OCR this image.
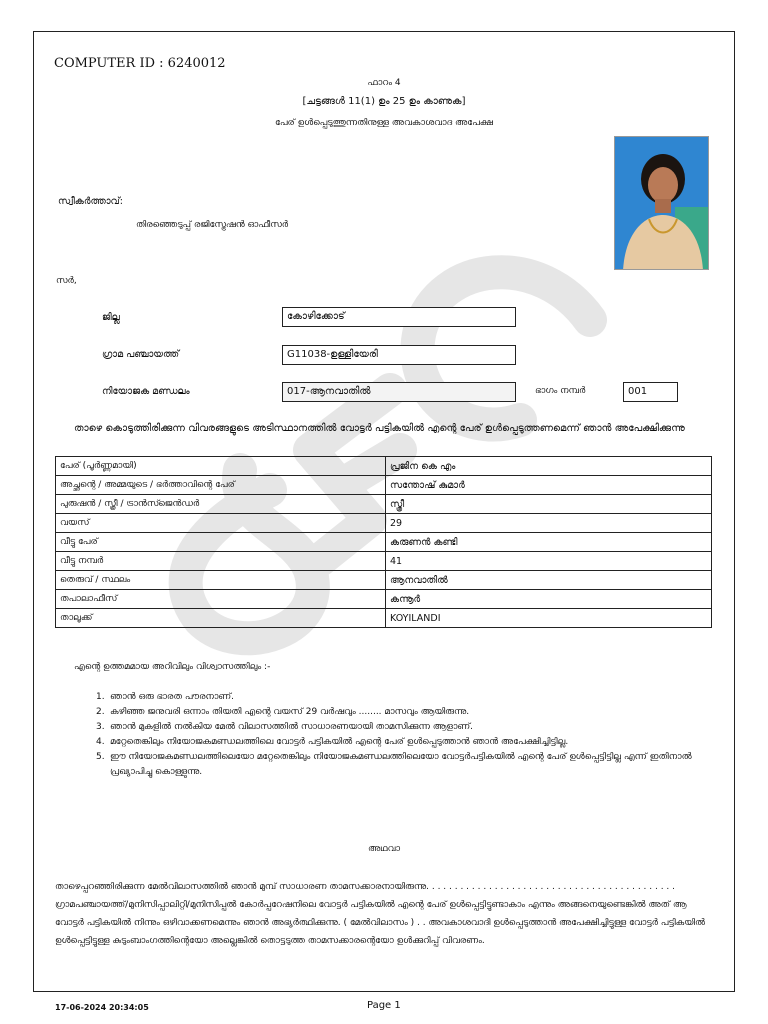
COMPUTER ID : 6240012
ഫാറം 4
[ചട്ടങ്ങൾ 11(1) ഉം 25 ഉം കാണുക]
പേര് ഉൾപ്പെടുത്തുന്നതിനുള്ള അവകാശവാദ അപേക്ഷ
സ്വീകർത്താവ്:
തിരഞ്ഞെടുപ്പ് രജിസ്ട്രേഷൻ ഓഫീസർ
സർ,
ജില്ല	കോഴിക്കോട്
ഗ്രാമ പഞ്ചായത്ത്	G11038-ഉള്ളിയേരി
നിയോജക മണ്ഡലം	017-ആനവാതിൽ	ഭാഗം നമ്പർ	001
താഴെ കൊടുത്തിരിക്കുന്ന വിവരങ്ങളുടെ അടിസ്ഥാനത്തിൽ വോട്ടർ പട്ടികയിൽ എന്റെ പേര് ഉൾപ്പെടുത്തണമെന്ന് ഞാൻ അപേക്ഷിക്കുന്നു
പേര് (പൂർണ്ണമായി)	പ്രജിന കെ എം
അച്ഛന്റെ / അമ്മയുടെ / ഭർത്താവിന്റെ പേര്	സന്തോഷ് കുമാർ
പുരുഷൻ / സ്ത്രീ / ട്രാൻസ്ജെൻഡർ	സ്ത്രീ
വയസ്	29
വീട്ടു പേര്	കരുണൻ കണ്ടി
വീട്ടു നമ്പർ	41
തെരുവ് / സ്ഥലം	ആനവാതിൽ
തപാലാഫീസ്	കന്നൂർ
താലൂക്ക്	KOYILANDI
എന്റെ ഉത്തമമായ അറിവിലും വിശ്വാസത്തിലും :-
1. ഞാൻ ഒരു ഭാരത പൗരനാണ്.
2. കഴിഞ്ഞ ജനുവരി ഒന്നാം തിയതി എന്റെ വയസ് 29 വർഷവും ........ മാസവും ആയിരുന്നു.
3. ഞാൻ മുകളിൽ നൽകിയ മേൽ വിലാസത്തിൽ സാധാരണയായി താമസിക്കുന്ന ആളാണ്.
4. മറ്റേതെങ്കിലും നിയോജകമണ്ഡലത്തിലെ വോട്ടർ പട്ടികയിൽ എന്റെ പേര് ഉൾപ്പെടുത്താൻ ഞാൻ അപേക്ഷിച്ചിട്ടില്ല.
5. ഈ നിയോജകമണ്ഡലത്തിലെയോ മറ്റേതെങ്കിലും നിയോജകമണ്ഡലത്തിലെയോ വോട്ടർപട്ടികയിൽ എന്റെ പേര് ഉൾപ്പെട്ടിട്ടില്ല എന്ന് ഇതിനാൽ പ്രഖ്യാപിച്ചു കൊള്ളുന്നു.
അഥവാ
താഴെപ്പറഞ്ഞിരിക്കുന്ന മേൽവിലാസത്തിൽ ഞാൻ മുമ്പ് സാധാരണ താമസക്കാരനായിരുന്നു. . . . . . . . . . . . . . . . . . . . . . . . . . . . . . . . . . . . . . . . . . . . ഗ്രാമപഞ്ചായത്ത്/മുനിസിപ്പാലിറ്റി/മുനിസിപ്പൽ കോർപ്പറേഷനിലെ വോട്ടർ പട്ടികയിൽ എന്റെ പേര് ഉൾപ്പെട്ടിട്ടുണ്ടാകാം എന്നും അങ്ങനെയുണ്ടെങ്കിൽ അത് ആ വോട്ടർ പട്ടികയിൽ നിന്നും ഒഴിവാക്കണമെന്നും ഞാൻ അഭ്യർത്ഥിക്കുന്നു. ( മേൽവിലാസം ) . . അവകാശവാദി ഉൾപ്പെടുത്താൻ അപേക്ഷിച്ചിട്ടുള്ള വോട്ടർ പട്ടികയിൽ ഉൾപ്പെട്ടിട്ടുള്ള കുടുംബാംഗത്തിന്റെയോ അല്ലെങ്കിൽ തൊട്ടടുത്ത താമസക്കാരന്റെയോ ഉൾക്കുറിപ്പ് വിവരണം.
17-06-2024 20:34:05	Page 1
